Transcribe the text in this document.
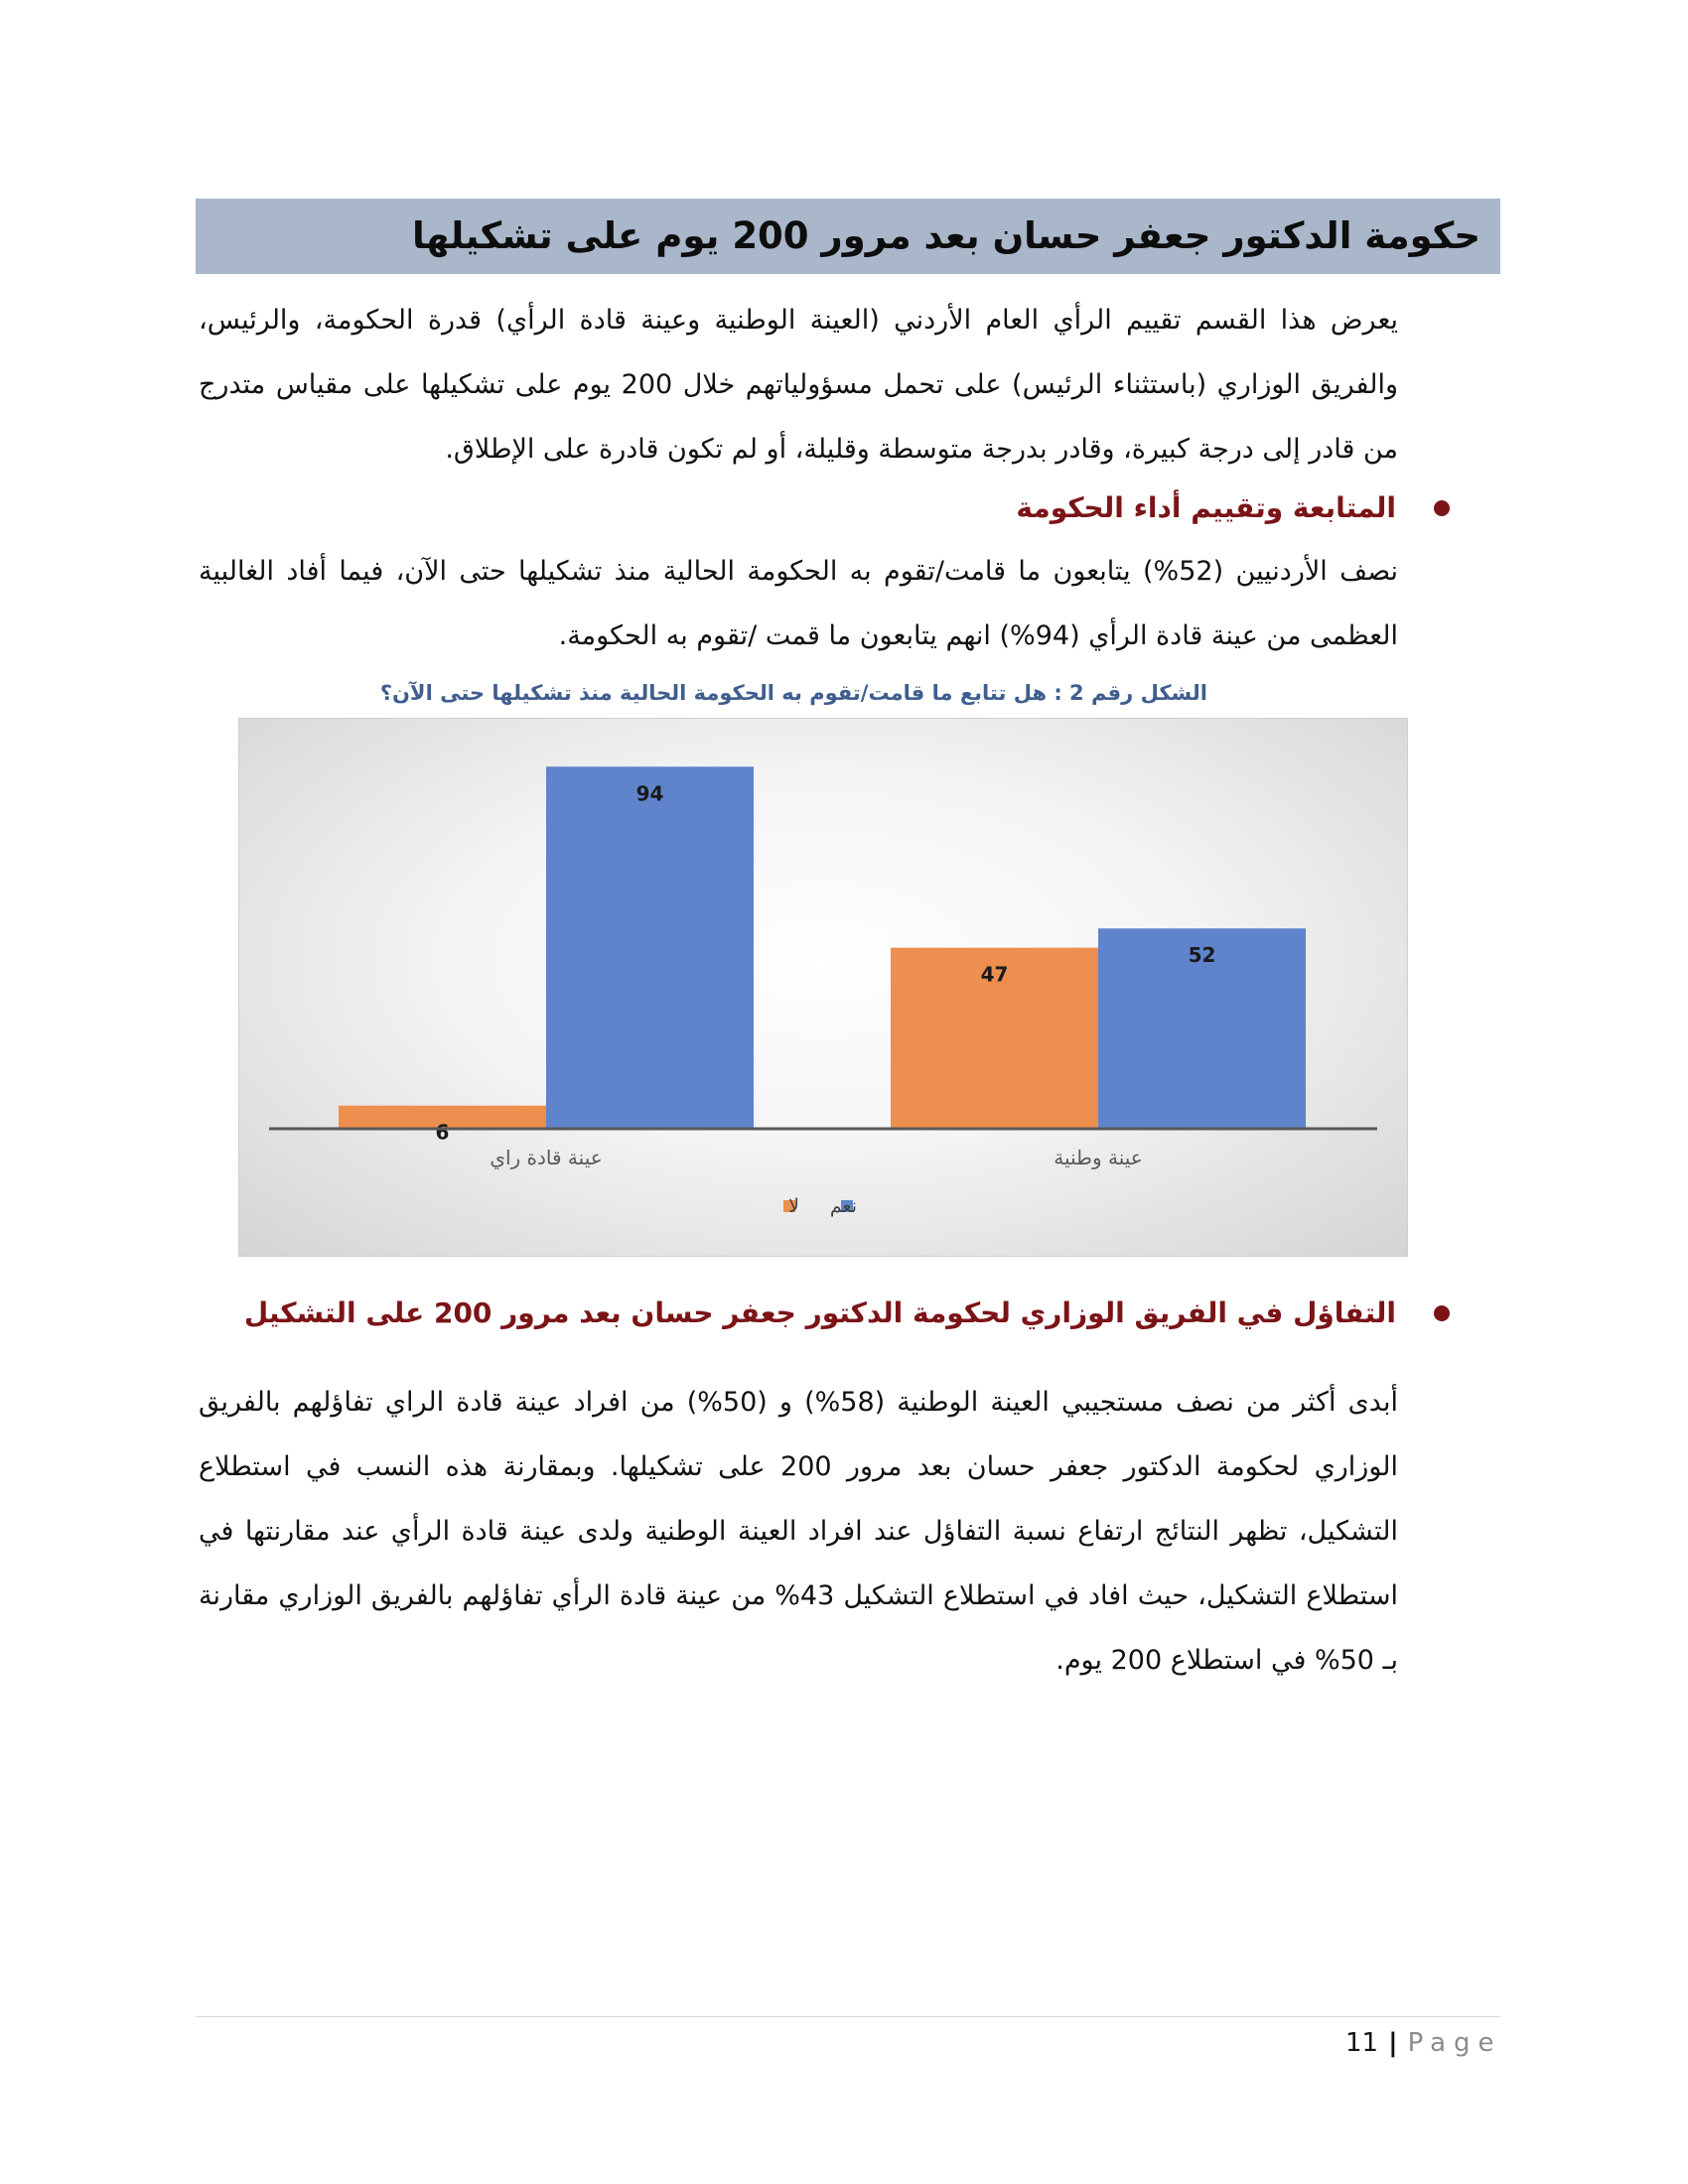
حكومة الدكتور جعفر حسان بعد مرور 200 يوم على تشكيلها

يعرض هذا القسم تقييم الرأي العام الأردني (العينة الوطنية وعينة قادة الرأي) قدرة الحكومة، والرئيس، والفريق الوزاري (باستثناء الرئيس) على تحمل مسؤولياتهم خلال 200 يوم على تشكيلها على مقياس متدرج من قادر إلى درجة كبيرة، وقادر بدرجة متوسطة وقليلة، أو لم تكون قادرة على الإطلاق.

المتابعة وتقييم أداء الحكومة

نصف الأردنيين (52%) يتابعون ما قامت/تقوم به الحكومة الحالية منذ تشكيلها حتى الآن، فيما أفاد الغالبية العظمى من عينة قادة الرأي (94%) انهم يتابعون ما قمت /تقوم به الحكومة.

الشكل رقم 2 : هل تتابع ما قامت/تقوم به الحكومة الحالية منذ تشكيلها حتى الآن؟

6
94
47
52
عينة وطنية
عينة قادة راي
لا نعم
التفاؤل في الفريق الوزاري لحكومة الدكتور جعفر حسان بعد مرور 200 على التشكيل

أبدى أكثر من نصف مستجيبي العينة الوطنية (58%) و (50%) من افراد عينة قادة الراي تفاؤلهم بالفريق الوزاري لحكومة الدكتور جعفر حسان بعد مرور 200 على تشكيلها. وبمقارنة هذه النسب في استطلاع التشكيل، تظهر النتائج ارتفاع نسبة التفاؤل عند افراد العينة الوطنية ولدى عينة قادة الرأي عند مقارنتها في استطلاع التشكيل، حيث افاد في استطلاع التشكيل 43% من عينة قادة الرأي تفاؤلهم بالفريق الوزاري مقارنة بـ 50% في استطلاع 200 يوم.

11 | Page
